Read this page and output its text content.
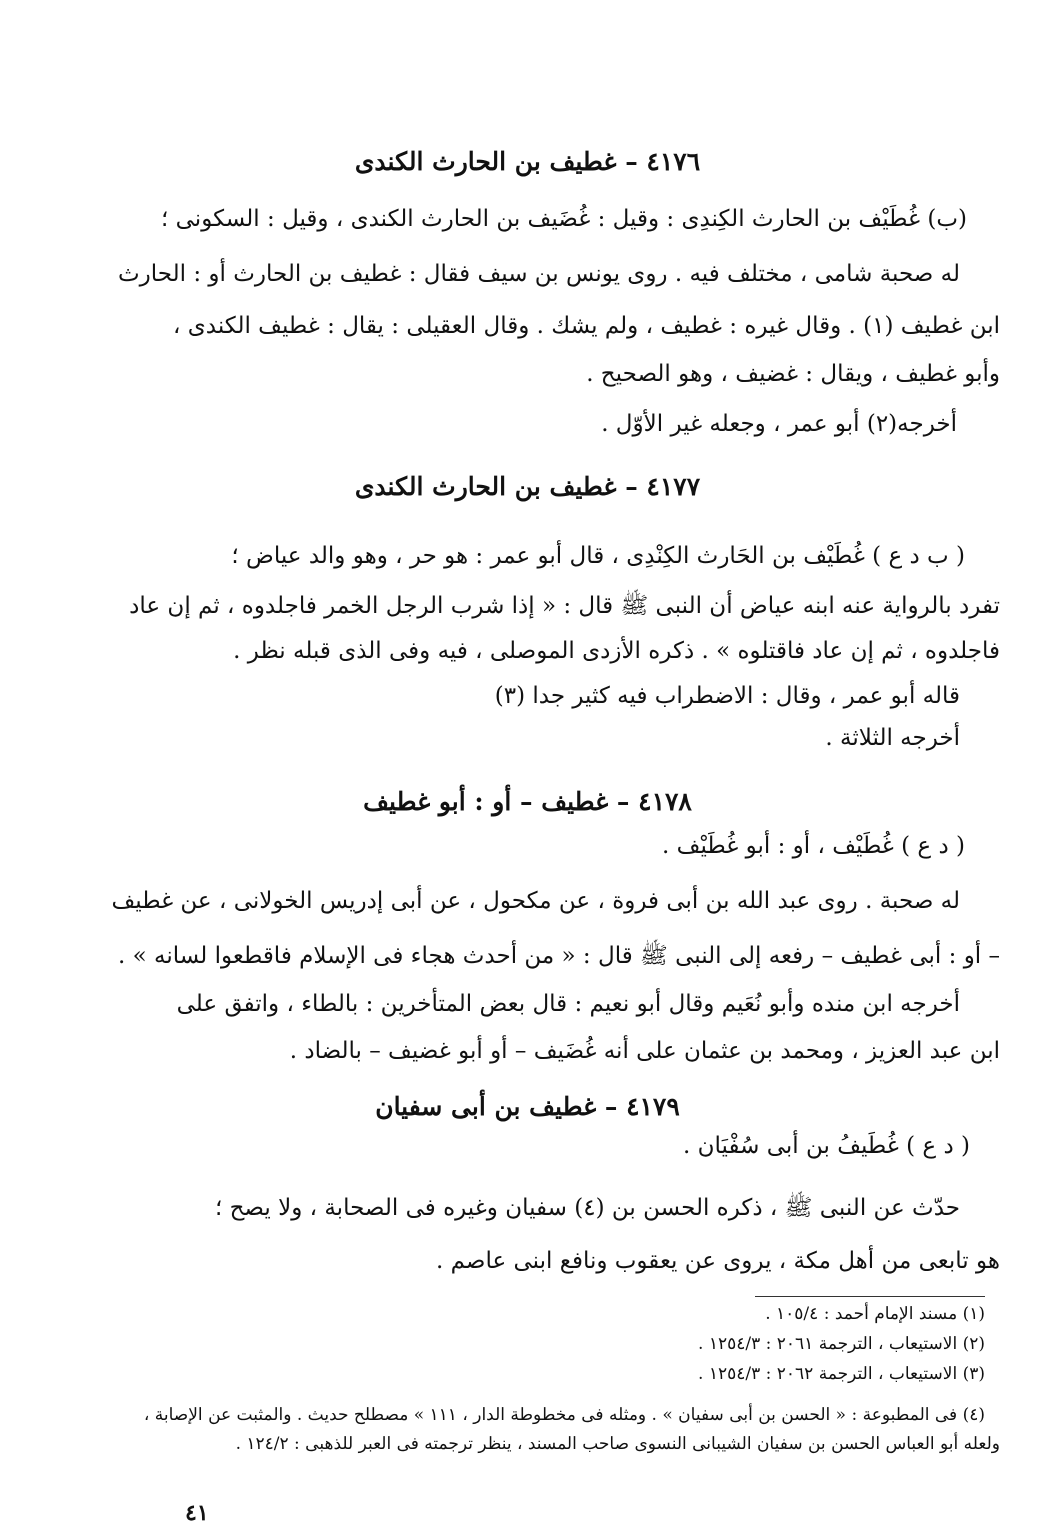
٤١٧٦ – غطيف بن الحارث الكندى
(ب) غُطَيْف بن الحارث الكِندِى : وقيل : غُضَيف بن الحارث الكندى ، وقيل : السكونى ؛
له صحبة شامى ، مختلف فيه . روى يونس بن سيف فقال : غطيف بن الحارث أو : الحارث
ابن غطيف (١) . وقال غيره : غطيف ، ولم يشك . وقال العقيلى : يقال : غطيف الكندى ،
وأبو غطيف ، ويقال : غضيف ، وهو الصحيح .
أخرجه(٢) أبو عمر ، وجعله غير الأوّل .
٤١٧٧ – غطيف بن الحارث الكندى
( ب د ع ) غُطَيْف بن الحَارث الكِنْدِى ، قال أبو عمر : هو حر ، وهو والد عياض ؛
تفرد بالرواية عنه ابنه عياض أن النبى ﷺ قال : « إذا شرب الرجل الخمر فاجلدوه ، ثم إن عاد
فاجلدوه ، ثم إن عاد فاقتلوه » . ذكره الأزدى الموصلى ، فيه وفى الذى قبله نظر .
قاله أبو عمر ، وقال : الاضطراب فيه كثير جدا (٣)
أخرجه الثلاثة .
٤١٧٨ – غطيف – أو : أبو غطيف
( د ع ) غُطَيْف ، أو : أبو غُطَيْف .
له صحبة . روى عبد الله بن أبى فروة ، عن مكحول ، عن أبى إدريس الخولانى ، عن غطيف
– أو : أبى غطيف – رفعه إلى النبى ﷺ قال : « من أحدث هجاء فى الإسلام فاقطعوا لسانه » .
أخرجه ابن منده وأبو نُعَيم وقال أبو نعيم : قال بعض المتأخرين : بالطاء ، واتفق على
ابن عبد العزيز ، ومحمد بن عثمان على أنه غُضَيف – أو أبو غضيف – بالضاد .
٤١٧٩ – غطيف بن أبى سفيان
( د ع ) غُطَيفُ بن أبى سُفْيَان .
حدّث عن النبى ﷺ ، ذكره الحسن بن (٤) سفيان وغيره فى الصحابة ، ولا يصح ؛
هو تابعى من أهل مكة ، يروى عن يعقوب ونافع ابنى عاصم .
(١) مسند الإمام أحمد : ١٠٥/٤ .
(٢) الاستيعاب ، الترجمة ٢٠٦١ : ١٢٥٤/٣ .
(٣) الاستيعاب ، الترجمة ٢٠٦٢ : ١٢٥٤/٣ .
(٤) فى المطبوعة : « الحسن بن أبى سفيان » . ومثله فى مخطوطة الدار ، ١١١ » مصطلح حديث . والمثبت عن الإصابة ،
ولعله أبو العباس الحسن بن سفيان الشيبانى النسوى صاحب المسند ، ينظر ترجمته فى العبر للذهبى : ١٢٤/٢ .
٤١
